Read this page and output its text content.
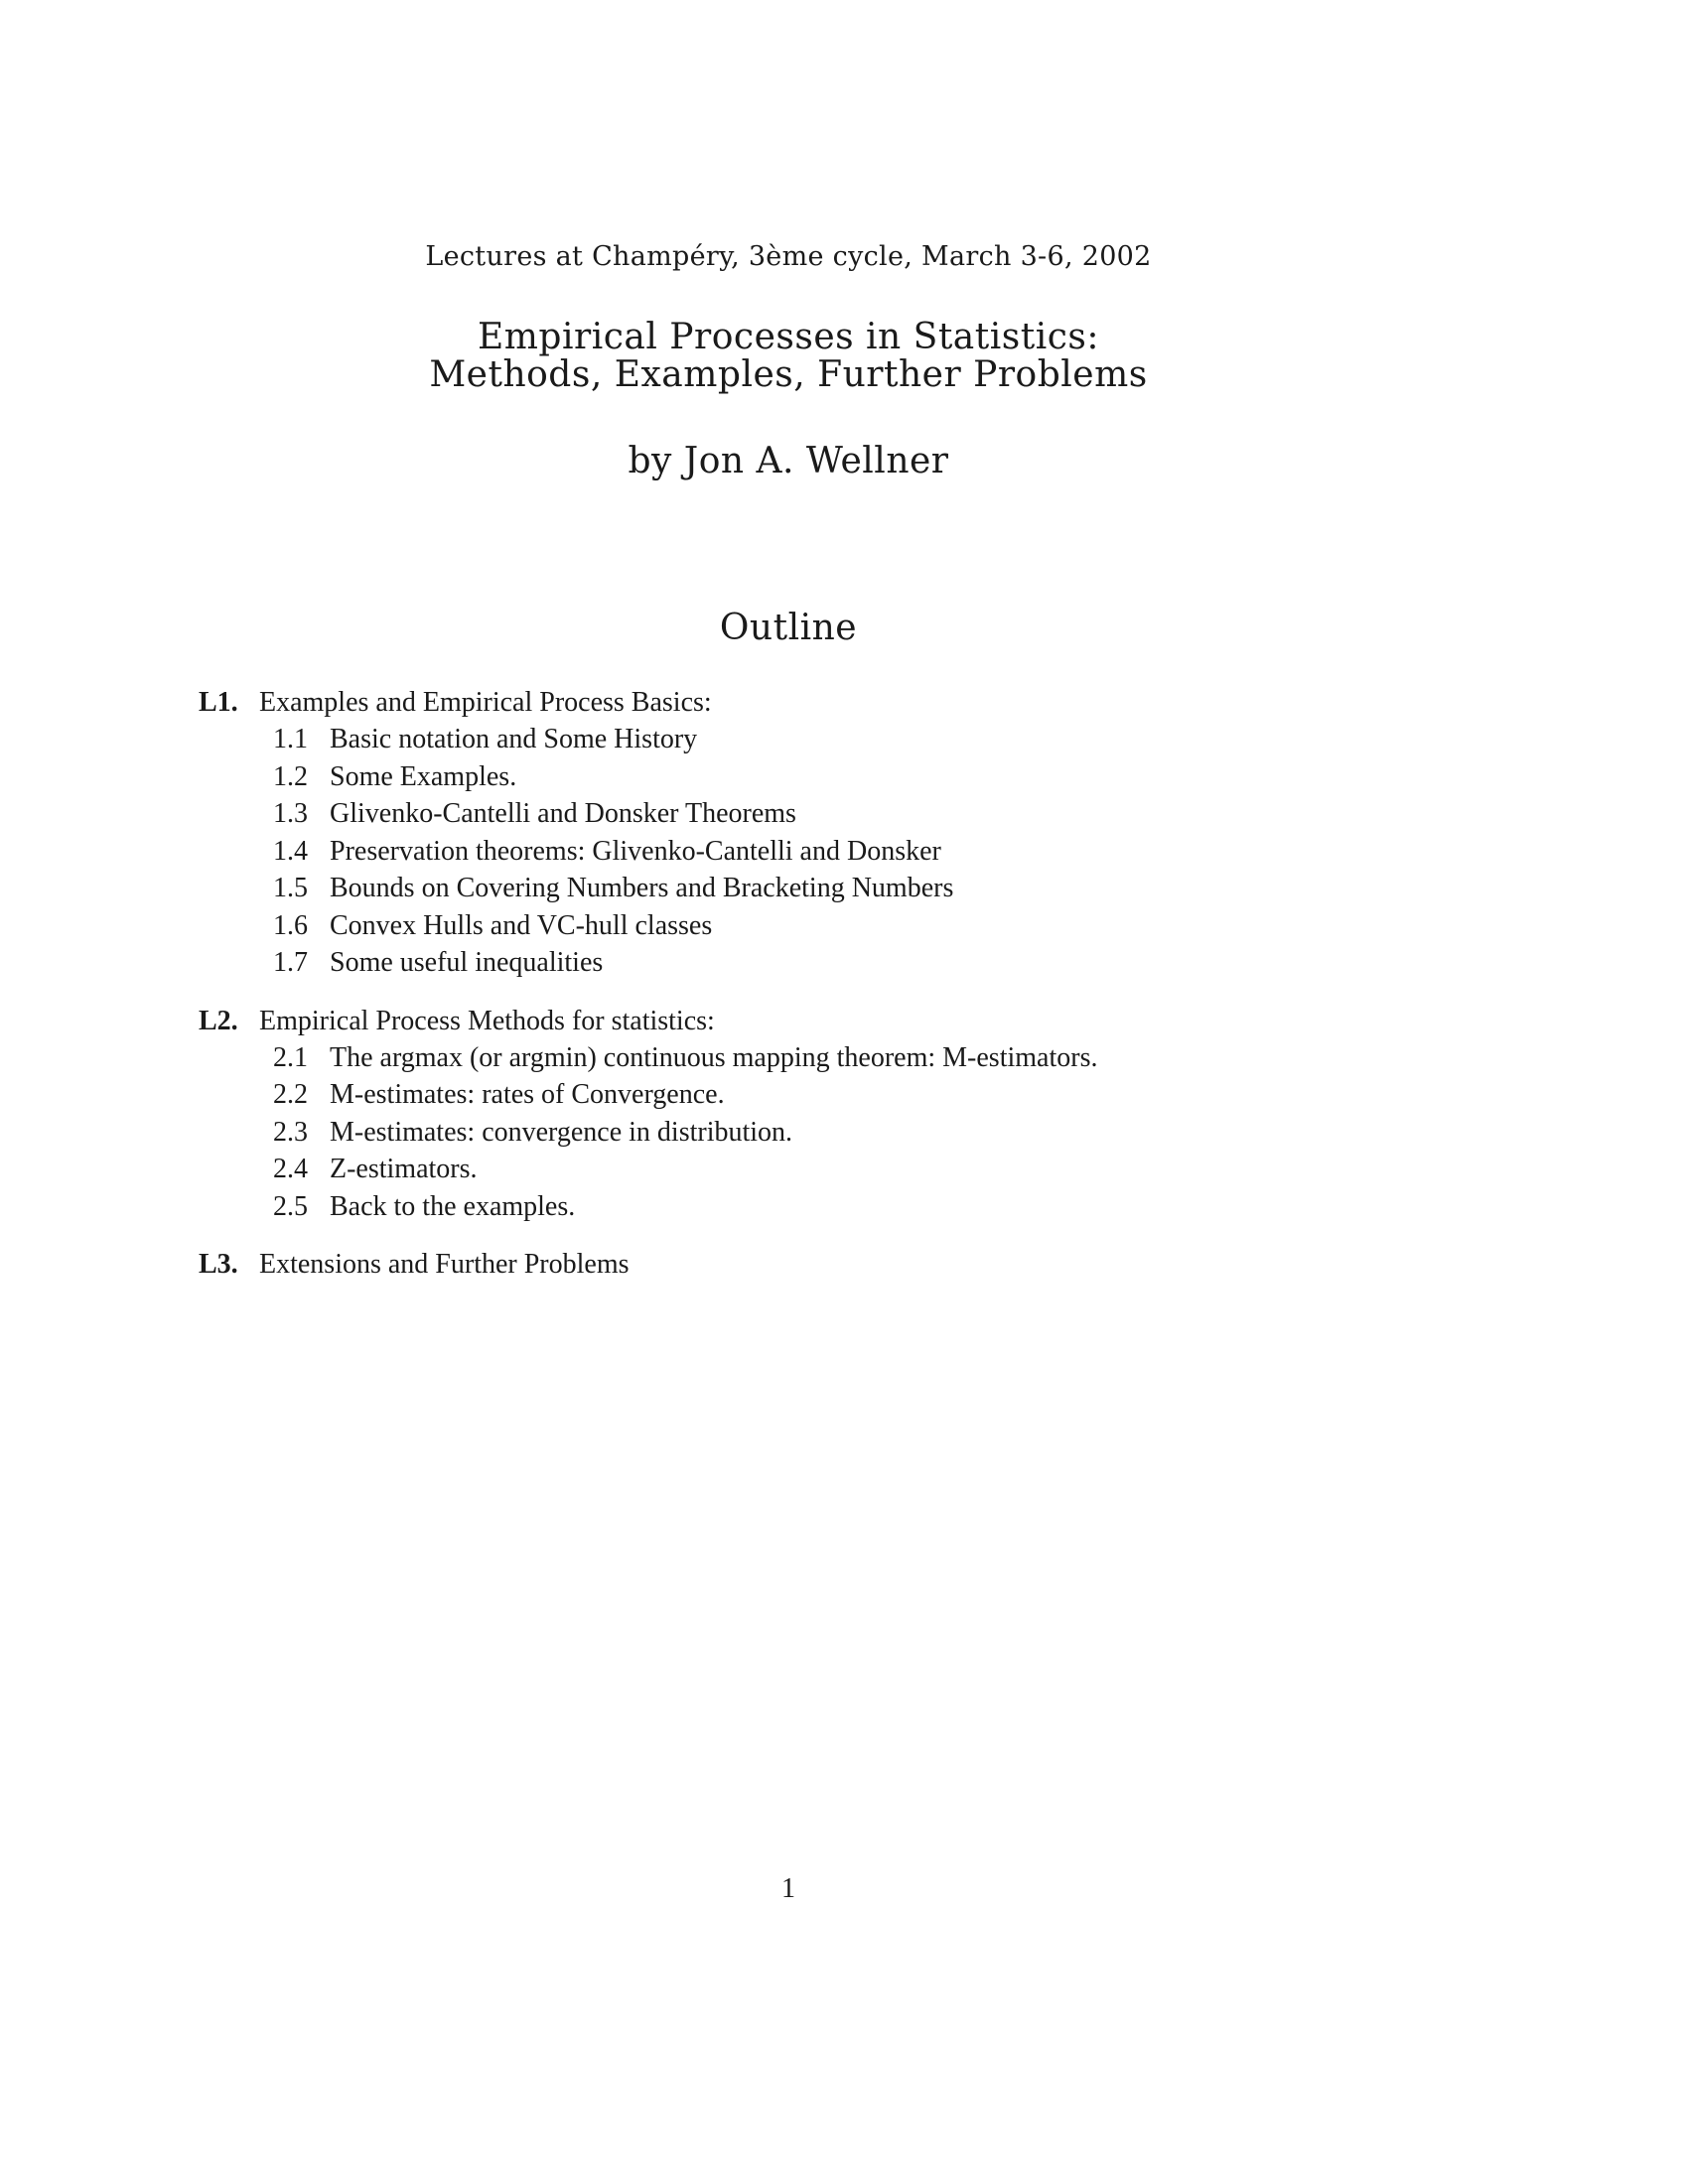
Lectures at Champéry, 3ème cycle, March 3-6, 2002
Empirical Processes in Statistics:
Methods, Examples, Further Problems
by Jon A. Wellner
Outline
L1. Examples and Empirical Process Basics:
1.1 Basic notation and Some History
1.2 Some Examples.
1.3 Glivenko-Cantelli and Donsker Theorems
1.4 Preservation theorems: Glivenko-Cantelli and Donsker
1.5 Bounds on Covering Numbers and Bracketing Numbers
1.6 Convex Hulls and VC-hull classes
1.7 Some useful inequalities
L2. Empirical Process Methods for statistics:
2.1 The argmax (or argmin) continuous mapping theorem: M-estimators.
2.2 M-estimates: rates of Convergence.
2.3 M-estimates: convergence in distribution.
2.4 Z-estimators.
2.5 Back to the examples.
L3. Extensions and Further Problems
1
